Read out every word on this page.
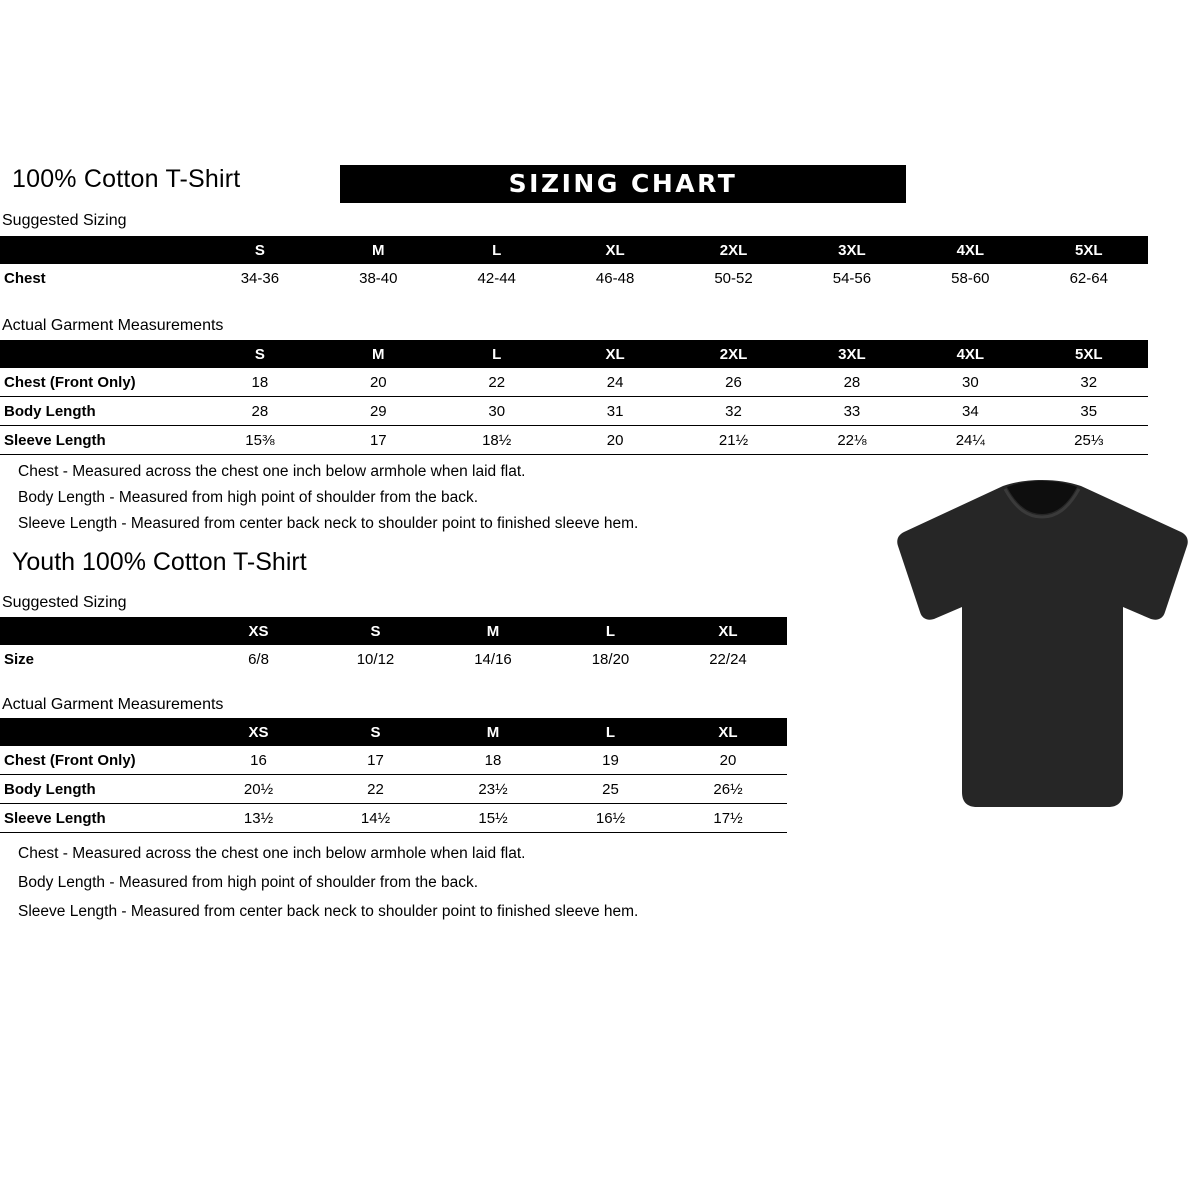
100% Cotton T-Shirt	SIZING CHART
Suggested Sizing
	S	M	L	XL	2XL	3XL	4XL	5XL
Chest	34-36	38-40	42-44	46-48	50-52	54-56	58-60	62-64
Actual Garment Measurements
	S	M	L	XL	2XL	3XL	4XL	5XL
Chest (Front Only)	18	20	22	24	26	28	30	32
Body Length	28	29	30	31	32	33	34	35
Sleeve Length	15⅜	17	18½	20	21½	22⅛	24¼	25⅓
Chest - Measured across the chest one inch below armhole when laid flat.
Body Length - Measured from high point of shoulder from the back.
Sleeve Length - Measured from center back neck to shoulder point to finished sleeve hem.
Youth 100% Cotton T-Shirt
Suggested Sizing
	XS	S	M	L	XL
Size	6/8	10/12	14/16	18/20	22/24
Actual Garment Measurements
	XS	S	M	L	XL
Chest (Front Only)	16	17	18	19	20
Body Length	20½	22	23½	25	26½
Sleeve Length	13½	14½	15½	16½	17½
Chest - Measured across the chest one inch below armhole when laid flat.
Body Length - Measured from high point of shoulder from the back.
Sleeve Length - Measured from center back neck to shoulder point to finished sleeve hem.
